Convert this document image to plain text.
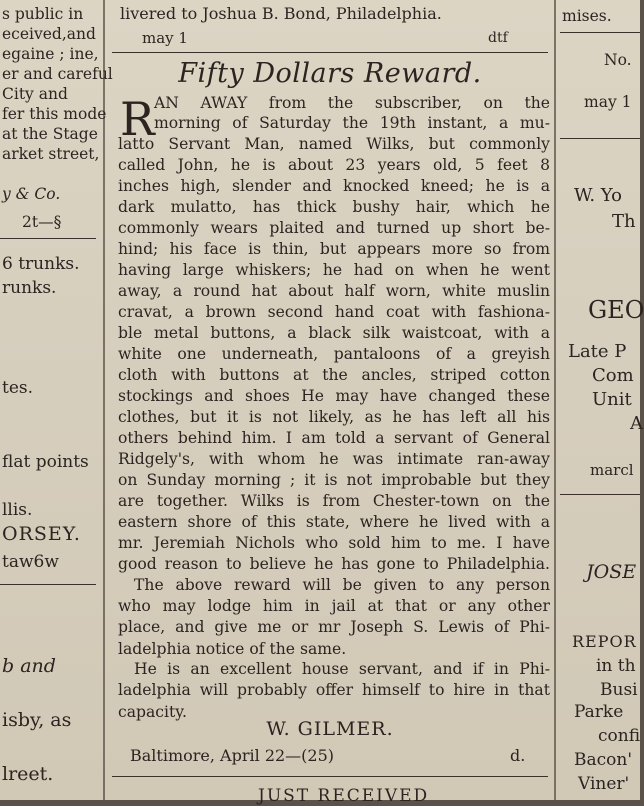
s public in
eceived,and
egaine ; ine,
er and careful
City and
fer this mode
at the Stage
arket street,
y & Co.
2t—§
6 trunks.
runks.
tes.
flat points
llis.
ORSEY.
taw6w
b and
isby, as
lreet.
livered to Joshua B. Bond, Philadelphia.
may 1	dtf
Fifty Dollars Reward.
R AN AWAY from the subscriber, on the
morning of Saturday the 19th instant, a mu-
latto Servant Man, named Wilks, but commonly
called John, he is about 23 years old, 5 feet 8
inches high, slender and knocked kneed; he is a
dark mulatto, has thick bushy hair, which he
commonly wears plaited and turned up short be-
hind; his face is thin, but appears more so from
having large whiskers; he had on when he went
away, a round hat about half worn, white muslin
cravat, a brown second hand coat with fashiona-
ble metal buttons, a black silk waistcoat, with a
white one underneath, pantaloons of a greyish
cloth with buttons at the ancles, striped cotton
stockings and shoes He may have changed these
clothes, but it is not likely, as he has left all his
others behind him. I am told a servant of General
Ridgely's, with whom he was intimate ran-away
on Sunday morning ; it is not improbable but they
are together. Wilks is from Chester-town on the
eastern shore of this state, where he lived with a
mr. Jeremiah Nichols who sold him to me. I have
good reason to believe he has gone to Philadelphia.
The above reward will be given to any person
who may lodge him in jail at that or any other
place, and give me or mr Joseph S. Lewis of Phi-
ladelphia notice of the same.
He is an excellent house servant, and if in Phi-
ladelphia will probably offer himself to hire in that
capacity.
W. GILMER.
Baltimore, April 22—(25)	d.
JUST RECEIVED
mises.
No.
may 1
W. Yo
Th
GEO
Late P
Com
Unit
A
marcl
JOSE
REPOR
in th
Busi
Parke
confi
Bacon'
Viner'
